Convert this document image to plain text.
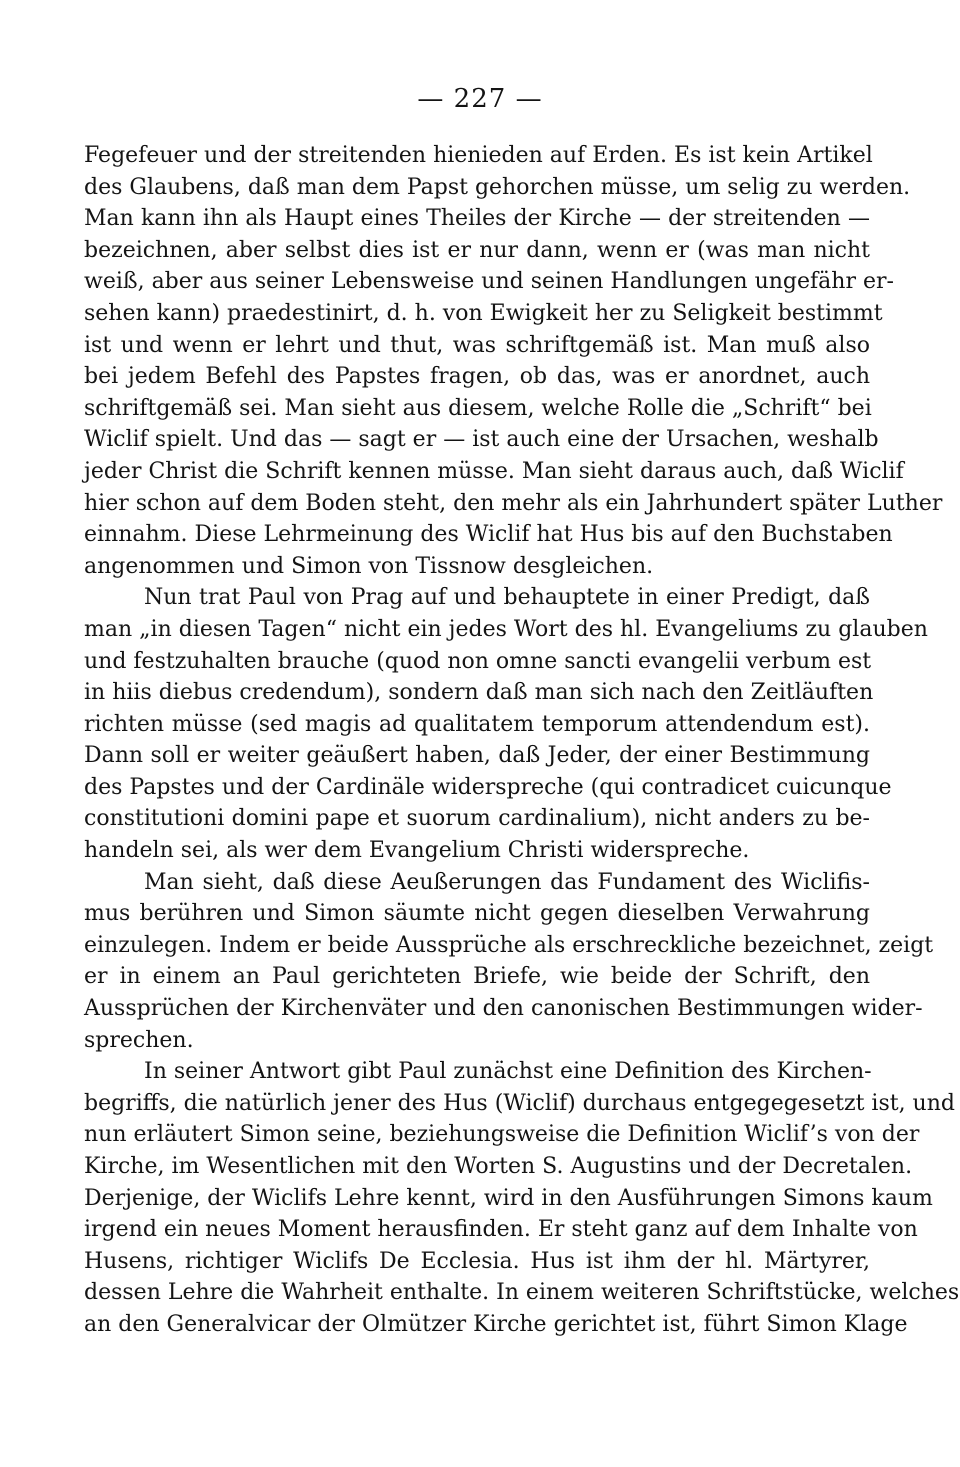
— 227 —
Fegefeuer und der streitenden hienieden auf Erden. Es ist kein Artikel
des Glaubens, daß man dem Papst gehorchen müsse, um selig zu werden.
Man kann ihn als Haupt eines Theiles der Kirche — der streitenden —
bezeichnen, aber selbst dies ist er nur dann, wenn er (was man nicht
weiß, aber aus seiner Lebensweise und seinen Handlungen ungefähr er-
sehen kann) praedestinirt, d. h. von Ewigkeit her zu Seligkeit bestimmt
ist und wenn er lehrt und thut, was schriftgemäß ist. Man muß also
bei jedem Befehl des Papstes fragen, ob das, was er anordnet, auch
schriftgemäß sei. Man sieht aus diesem, welche Rolle die „Schrift“ bei
Wiclif spielt. Und das — sagt er — ist auch eine der Ursachen, weshalb
jeder Christ die Schrift kennen müsse. Man sieht daraus auch, daß Wiclif
hier schon auf dem Boden steht, den mehr als ein Jahrhundert später Luther
einnahm. Diese Lehrmeinung des Wiclif hat Hus bis auf den Buchstaben
angenommen und Simon von Tissnow desgleichen.
Nun trat Paul von Prag auf und behauptete in einer Predigt, daß
man „in diesen Tagen“ nicht ein jedes Wort des hl. Evangeliums zu glauben
und festzuhalten brauche (quod non omne sancti evangelii verbum est
in hiis diebus credendum), sondern daß man sich nach den Zeitläuften
richten müsse (sed magis ad qualitatem temporum attendendum est).
Dann soll er weiter geäußert haben, daß Jeder, der einer Bestimmung
des Papstes und der Cardinäle widerspreche (qui contradicet cuicunque
constitutioni domini pape et suorum cardinalium), nicht anders zu be-
handeln sei, als wer dem Evangelium Christi widerspreche.
Man sieht, daß diese Aeußerungen das Fundament des Wiclifis-
mus berühren und Simon säumte nicht gegen dieselben Verwahrung
einzulegen. Indem er beide Aussprüche als erschreckliche bezeichnet, zeigt
er in einem an Paul gerichteten Briefe, wie beide der Schrift, den
Aussprüchen der Kirchenväter und den canonischen Bestimmungen wider-
sprechen.
In seiner Antwort gibt Paul zunächst eine Definition des Kirchen-
begriffs, die natürlich jener des Hus (Wiclif) durchaus entgegegesetzt ist, und
nun erläutert Simon seine, beziehungsweise die Definition Wiclif’s von der
Kirche, im Wesentlichen mit den Worten S. Augustins und der Decretalen.
Derjenige, der Wiclifs Lehre kennt, wird in den Ausführungen Simons kaum
irgend ein neues Moment herausfinden. Er steht ganz auf dem Inhalte von
Husens, richtiger Wiclifs De Ecclesia. Hus ist ihm der hl. Märtyrer,
dessen Lehre die Wahrheit enthalte. In einem weiteren Schriftstücke, welches
an den Generalvicar der Olmützer Kirche gerichtet ist, führt Simon Klage
